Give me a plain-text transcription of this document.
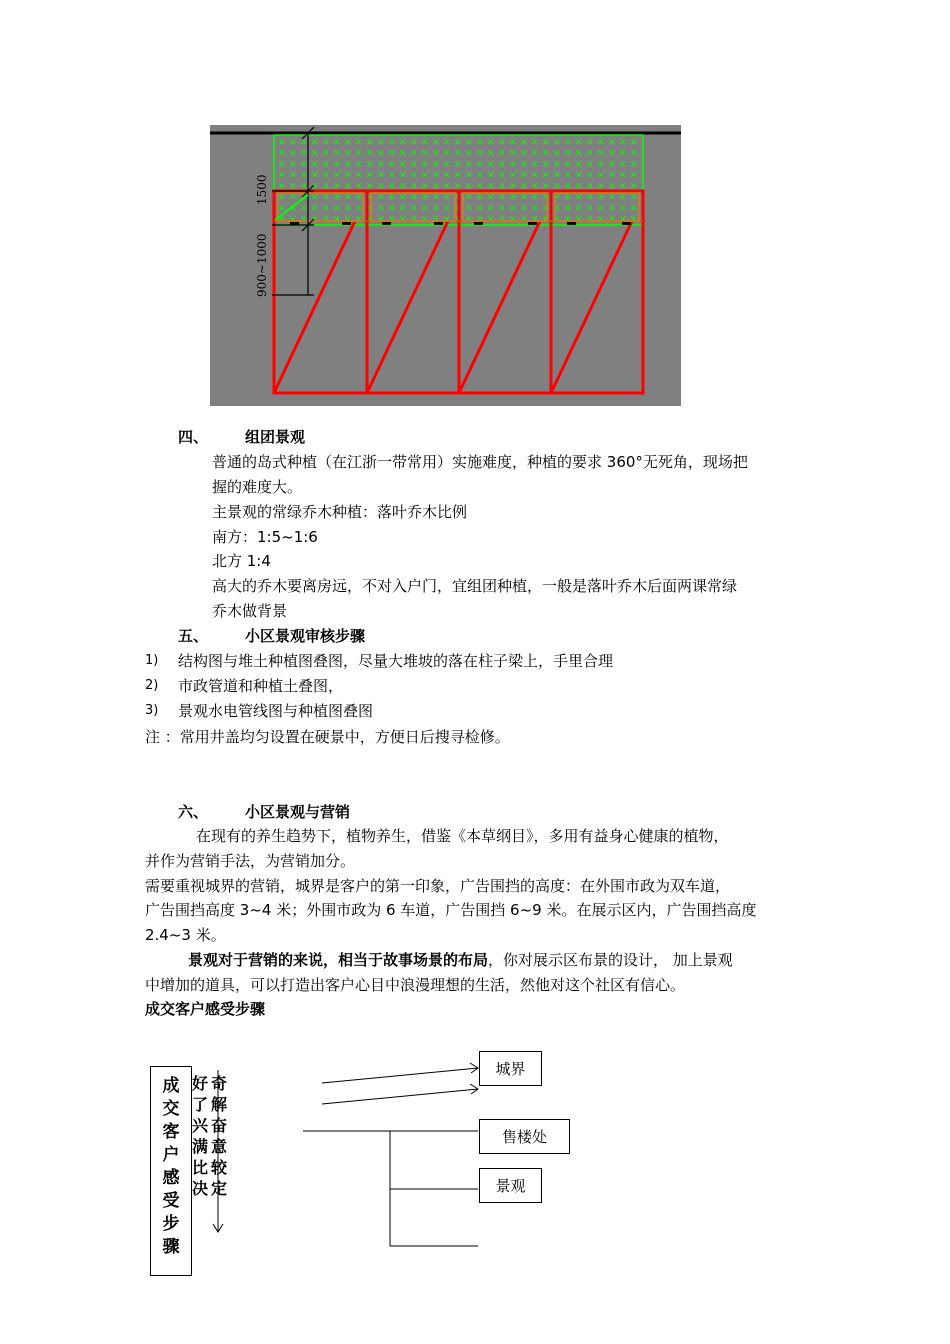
1500
900~1000
四、 组团景观
普通的岛式种植（在江浙一带常用）实施难度，种植的要求 360°无死角，现场把
握的难度大。
主景观的常绿乔木种植：落叶乔木比例
南方：1:5~1:6
北方 1:4
高大的乔木要离房远，不对入户门，宜组团种植，一般是落叶乔木后面两课常绿
乔木做背景
五、 小区景观审核步骤
1) 结构图与堆土种植图叠图，尽量大堆坡的落在柱子梁上，手里合理
2) 市政管道和种植土叠图，
3) 景观水电管线图与种植图叠图
注 ：常用井盖均匀设置在硬景中，方便日后搜寻检修。
六、 小区景观与营销
在现有的养生趋势下，植物养生，借鉴《本草纲目》，多用有益身心健康的植物，
并作为营销手法，为营销加分。
需要重视城界的营销，城界是客户的第一印象，广告围挡的高度：在外围市政为双车道，
广告围挡高度 3~4 米；外围市政为 6 车道，广告围挡 6~9 米。在展示区内，广告围挡高度
2.4~3 米。
景观对于营销的来说，相当于故事场景的布局，你对展示区布景的设计， 加上景观
中增加的道具，可以打造出客户心目中浪漫理想的生活，然他对这个社区有信心。
成交客户感受步骤
成交客户感受步骤
好了兴满比决
奇解奋意较定
城界
售楼处
景观
